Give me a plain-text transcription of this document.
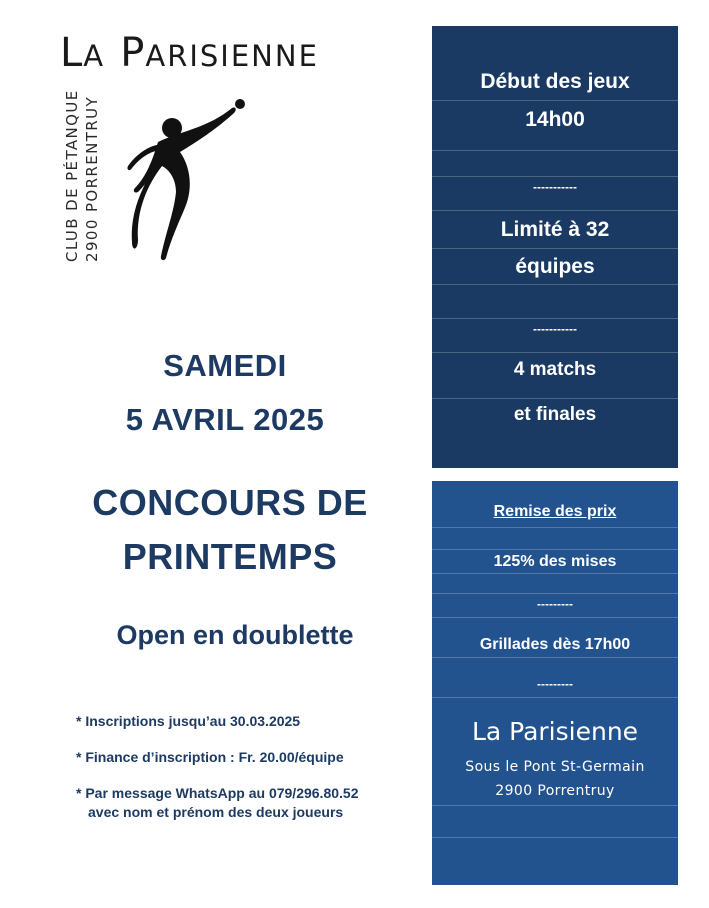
LA PARISIENNE
CLUB DE PÉTANQUE 2900 PORRENTRUY
SAMEDI
5 AVRIL 2025
CONCOURS DE
PRINTEMPS
Open en doublette
* Inscriptions jusqu’au 30.03.2025
* Finance d’inscription : Fr. 20.00/équipe
* Par message WhatsApp au 079/296.80.52
avec nom et prénom des deux joueurs
Début des jeux
14h00
-----------
Limité à 32
équipes
-----------
4 matchs
et finales
Remise des prix
125% des mises
---------
Grillades dès 17h00
---------
La Parisienne
Sous le Pont St-Germain
2900 Porrentruy
